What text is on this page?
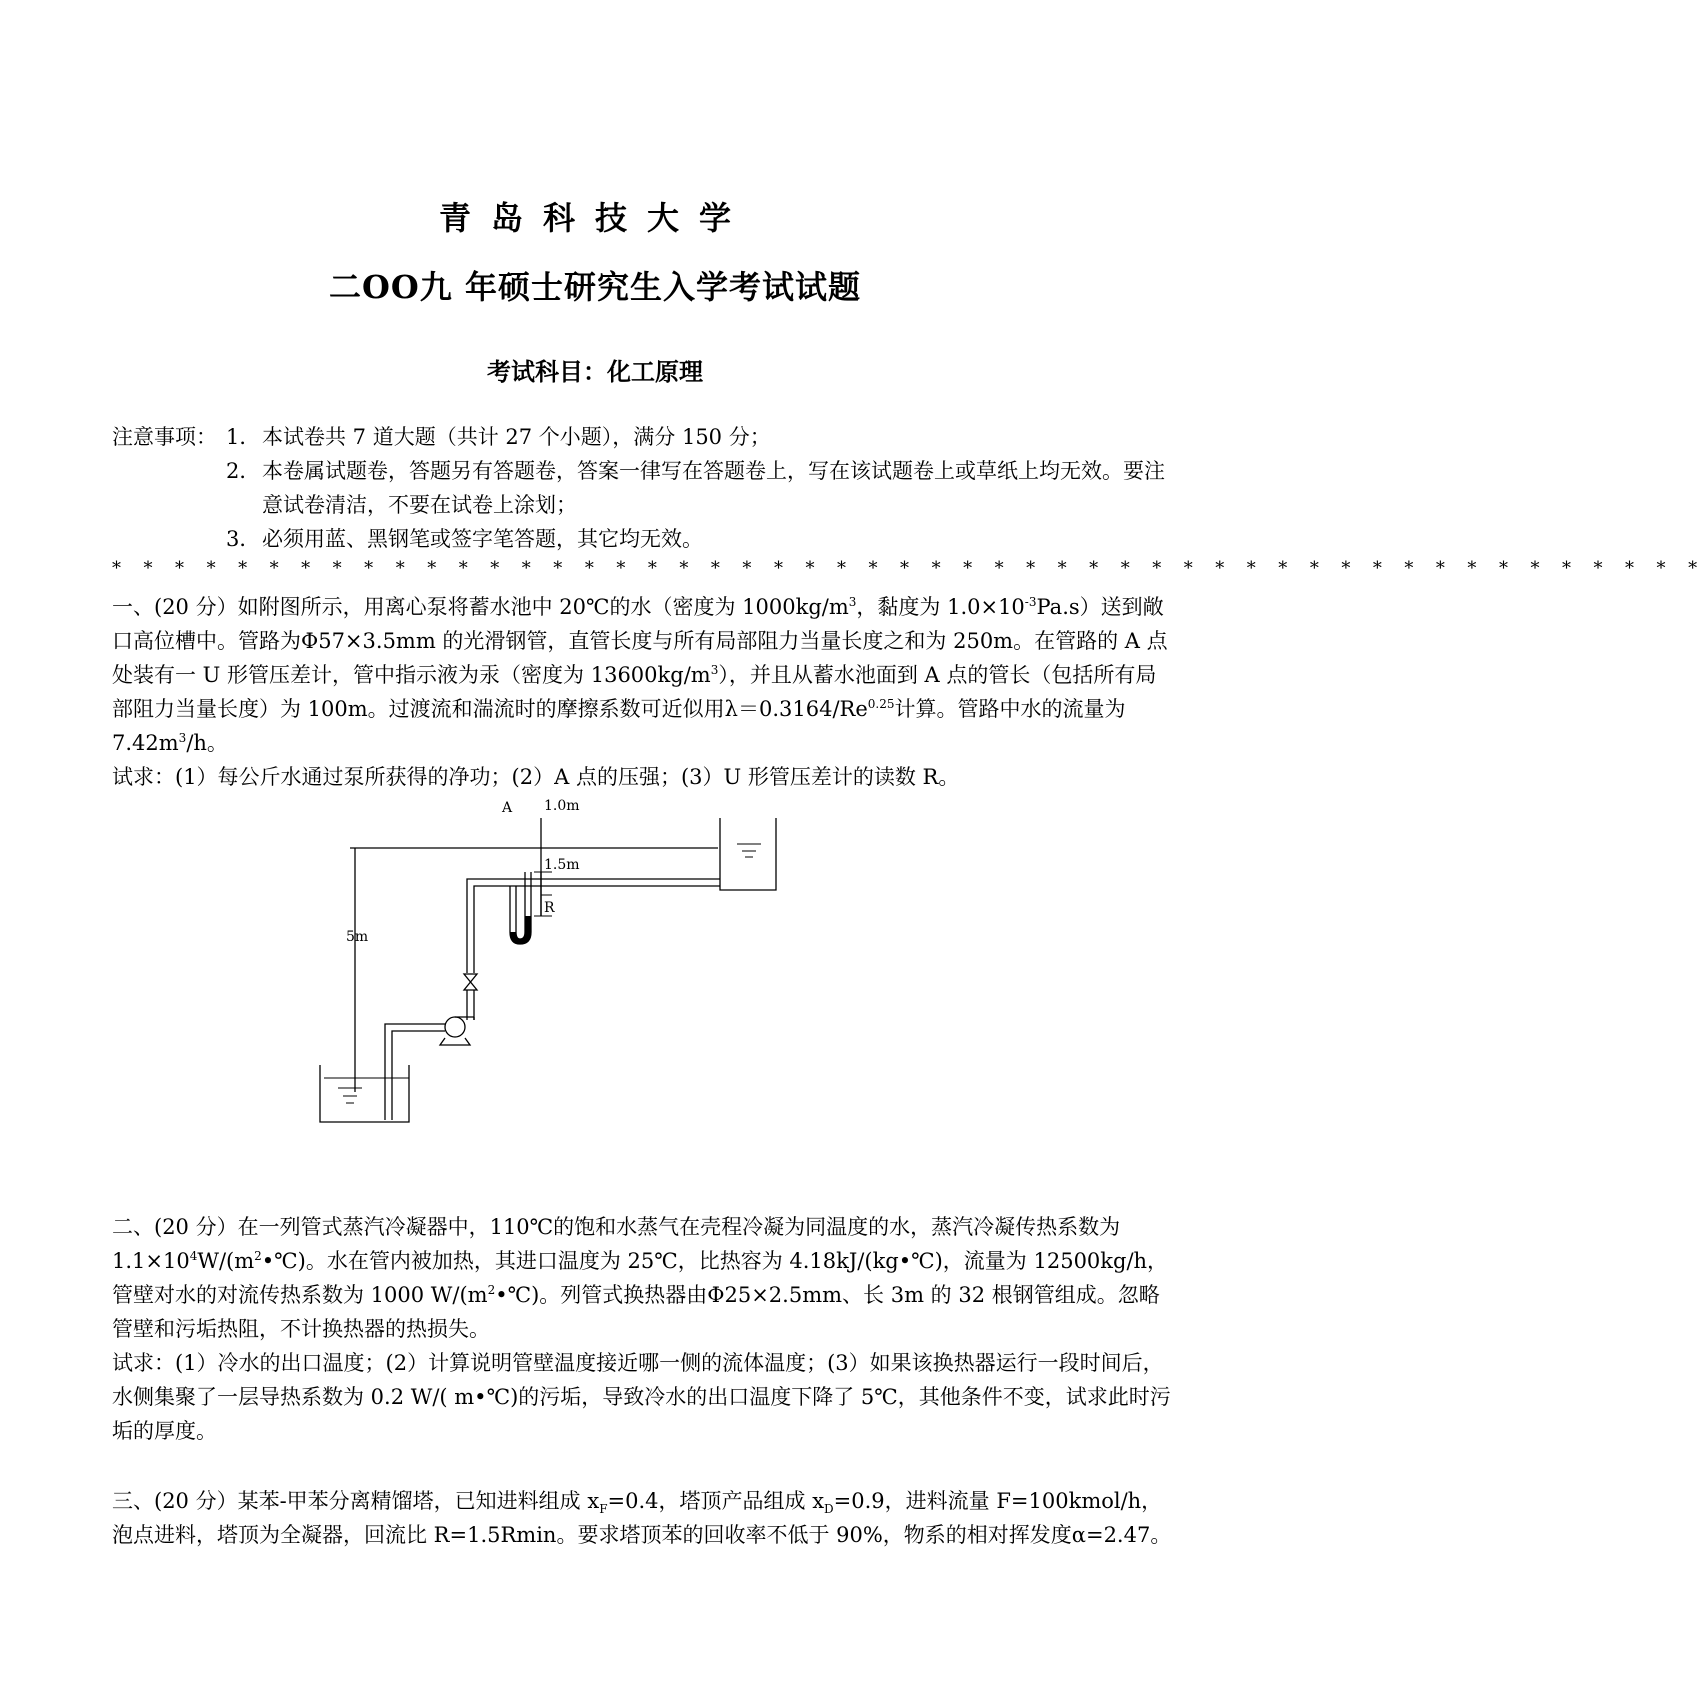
青岛科技大学
二OO九 年硕士研究生入学考试试题
考试科目：化工原理
注意事项： 1． 本试卷共 7 道大题（共计 27 个小题），满分 150 分；
2． 本卷属试题卷，答题另有答题卷，答案一律写在答题卷上，写在该试题卷上或草纸上均无效。要注意试卷清洁，不要在试卷上涂划；
3． 必须用蓝、黑钢笔或签字笔答题，其它均无效。
* * * * * * * * * * * * * * * * * * * * * * * * * * * * * * * * * * * * * * * * * * * * * * * * * * *

一、(20 分）如附图所示，用离心泵将蓄水池中 20℃的水（密度为 $1000kg/m^3$，黏度为 $1.0\times 10^{-3}Pa.s$）送到敞口高位槽中。管路为Φ57×3.5mm 的光滑钢管，直管长度与所有局部阻力当量长度之和为 250m。在管路的 A 点处装有一 U 形管压差计，管中指示液为汞（密度为 $13600kg/m^3$），并且从蓄水池面到 A 点的管长（包括所有局部阻力当量长度）为 100m。过渡流和湍流时的摩擦系数可近似用$\lambda=0.3164/Re^{0.25}$计算。管路中水的流量为 $7.42m^3/h$。
试求：(1）每公斤水通过泵所获得的净功；(2）A 点的压强；(3）U 形管压差计的读数 R。

A 1.0m
1.5m
R
5m

二、(20 分）在一列管式蒸汽冷凝器中，110℃的饱和水蒸气在壳程冷凝为同温度的水，蒸汽冷凝传热系数为 $1.1\times 10^4W/(m^2•℃)$。水在管内被加热，其进口温度为 25℃，比热容为 4.18kJ/(kg•℃)，流量为 12500kg/h，管壁对水的对流传热系数为 1000 $W/(m^2•℃)$。列管式换热器由Φ25×2.5mm、长 3m 的 32 根钢管组成。忽略管壁和污垢热阻，不计换热器的热损失。
试求：(1）冷水的出口温度；(2）计算说明管壁温度接近哪一侧的流体温度；(3）如果该换热器运行一段时间后，水侧集聚了一层导热系数为 0.2 W/( m•℃)的污垢，导致冷水的出口温度下降了 5℃，其他条件不变，试求此时污垢的厚度。

三、(20 分）某苯-甲苯分离精馏塔，已知进料组成 $x_F=0.4$，塔顶产品组成 $x_D=0.9$，进料流量 F=100kmol/h，泡点进料，塔顶为全凝器，回流比 R=1.5Rmin。要求塔顶苯的回收率不低于 90%，物系的相对挥发度α=2.47。
